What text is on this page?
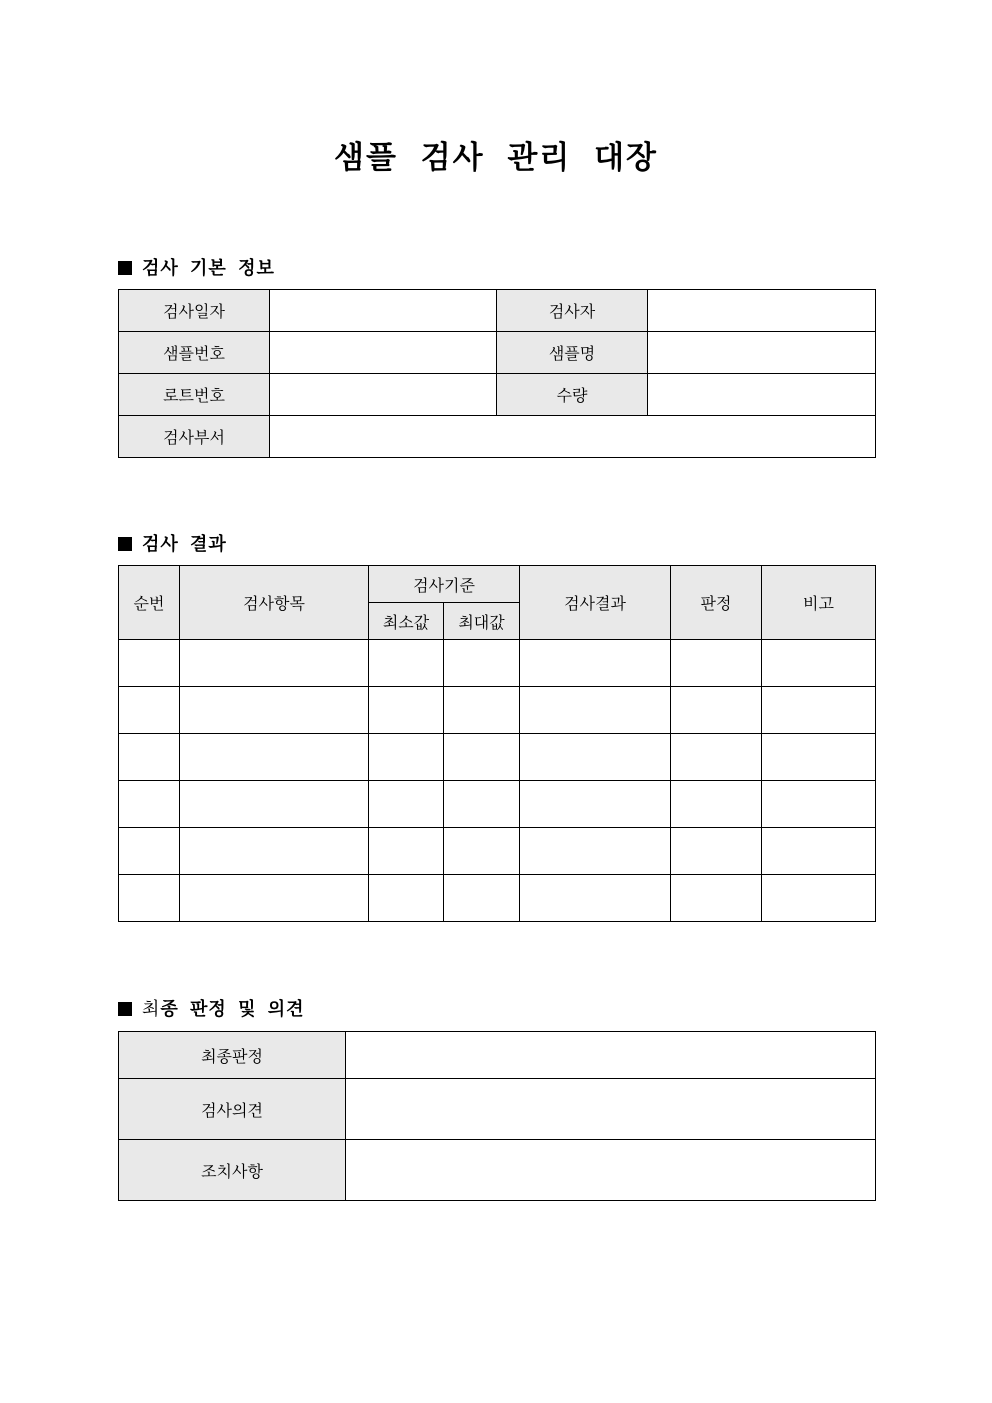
샘플 검사 관리 대장
검사 기본 정보
검사일자		검사자	
샘플번호		샘플명	
로트번호		수량	
검사부서			
검사 결과
순번	검사항목	검사기준		검사결과	판정	비고
		최소값	최대값			

최종 판정 및 의견
최종판정	
검사의견	
조치사항	
